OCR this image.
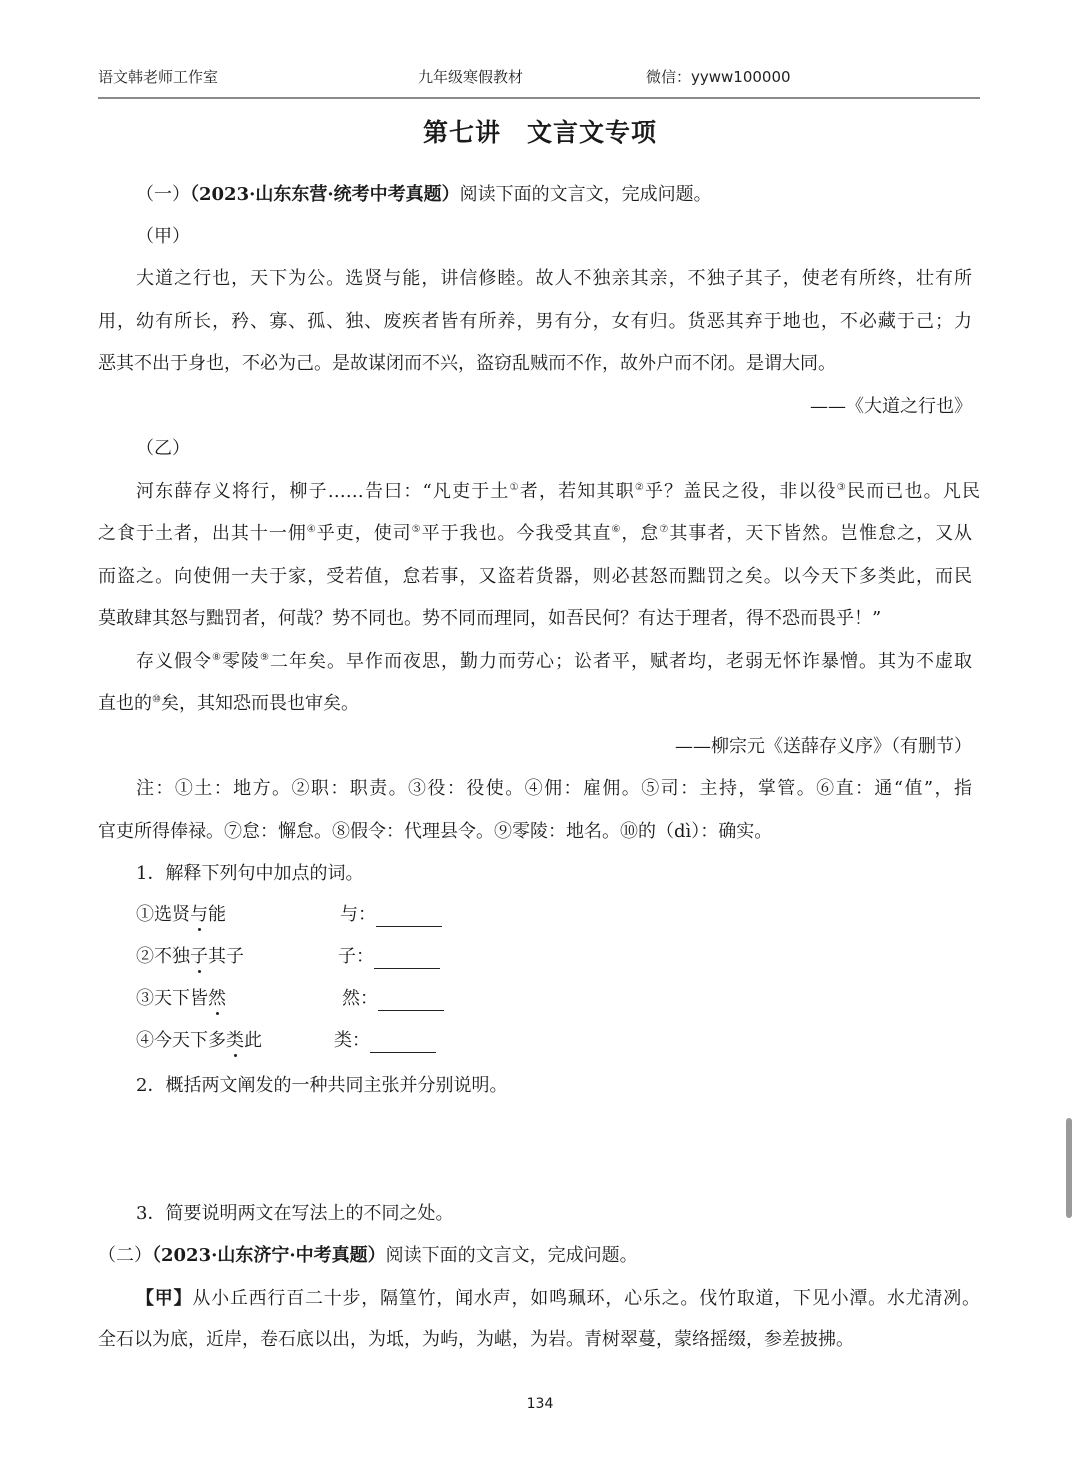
语文韩老师工作室	九年级寒假教材	微信：yyww100000
第七讲　文言文专项
（一）（2023·山东东营·统考中考真题）阅读下面的文言文，完成问题。
（甲）
大道之行也，天下为公。选贤与能，讲信修睦。故人不独亲其亲，不独子其子，使老有所终，壮有所
用，幼有所长，矜、寡、孤、独、废疾者皆有所养，男有分，女有归。货恶其弃于地也，不必藏于己；力
恶其不出于身也，不必为己。是故谋闭而不兴，盗窃乱贼而不作，故外户而不闭。是谓大同。
——《大道之行也》
（乙）
河东薛存义将行，柳子……告曰：“凡吏于土①者，若知其职②乎？盖民之役，非以役③民而已也。凡民
之食于土者，出其十一佣④乎吏，使司⑤平于我也。今我受其直⑥，怠⑦其事者，天下皆然。岂惟怠之，又从
而盗之。向使佣一夫于家，受若值，怠若事，又盗若货器，则必甚怒而黜罚之矣。以今天下多类此，而民
莫敢肆其怒与黜罚者，何哉？势不同也。势不同而理同，如吾民何？有达于理者，得不恐而畏乎！”
存义假令⑧零陵⑨二年矣。早作而夜思，勤力而劳心；讼者平，赋者均，老弱无怀诈暴憎。其为不虚取
直也的⑩矣，其知恐而畏也审矣。
——柳宗元《送薛存义序》（有删节）
注：①土：地方。②职：职责。③役：役使。④佣：雇佣。⑤司：主持，掌管。⑥直：通“值”，指
官吏所得俸禄。⑦怠：懈怠。⑧假令：代理县令。⑨零陵：地名。⑩的（dì）：确实。
1．解释下列句中加点的词。
①选贤与能	与：
②不独子其子	子：
③天下皆然	然：
④今天下多类此	类：
2．概括两文阐发的一种共同主张并分别说明。
3．简要说明两文在写法上的不同之处。
（二）（2023·山东济宁·中考真题）阅读下面的文言文，完成问题。
【甲】从小丘西行百二十步，隔篁竹，闻水声，如鸣珮环，心乐之。伐竹取道，下见小潭。水尤清冽。
全石以为底，近岸，卷石底以出，为坻，为屿，为嵁，为岩。青树翠蔓，蒙络摇缀，参差披拂。
134
